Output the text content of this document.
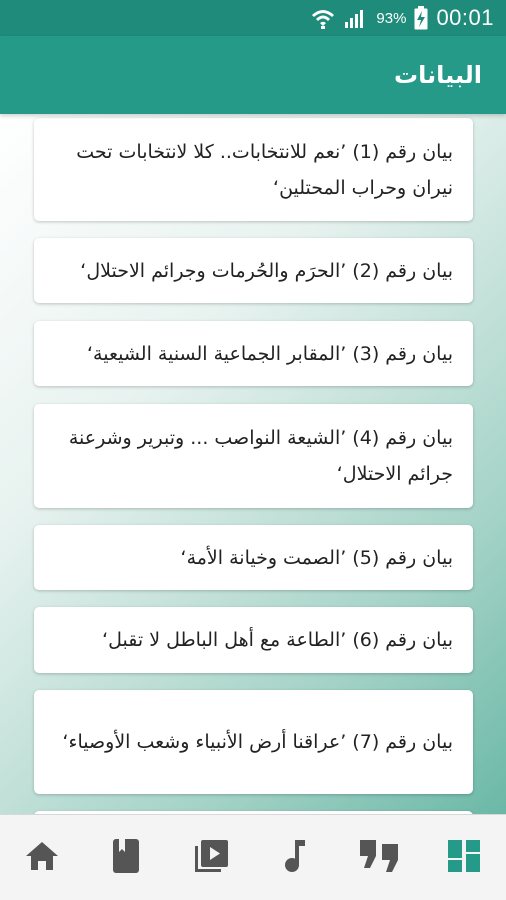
93% 00:01
البيانات
بيان رقم (1) ’نعم للانتخابات.. كلا لانتخابات تحت نيران وحراب المحتلين‘
بيان رقم (2) ’الحرَم والحُرمات وجرائم الاحتلال‘
بيان رقم (3) ’المقابر الجماعية السنية الشيعية‘
بيان رقم (4) ’الشيعة النواصب ... وتبرير وشرعنة جرائم الاحتلال‘
بيان رقم (5) ’الصمت وخيانة الأمة‘
بيان رقم (6) ’الطاعة مع أهل الباطل لا تقبل‘
بيان رقم (7) ’عراقنا أرض الأنبياء وشعب الأوصياء‘
